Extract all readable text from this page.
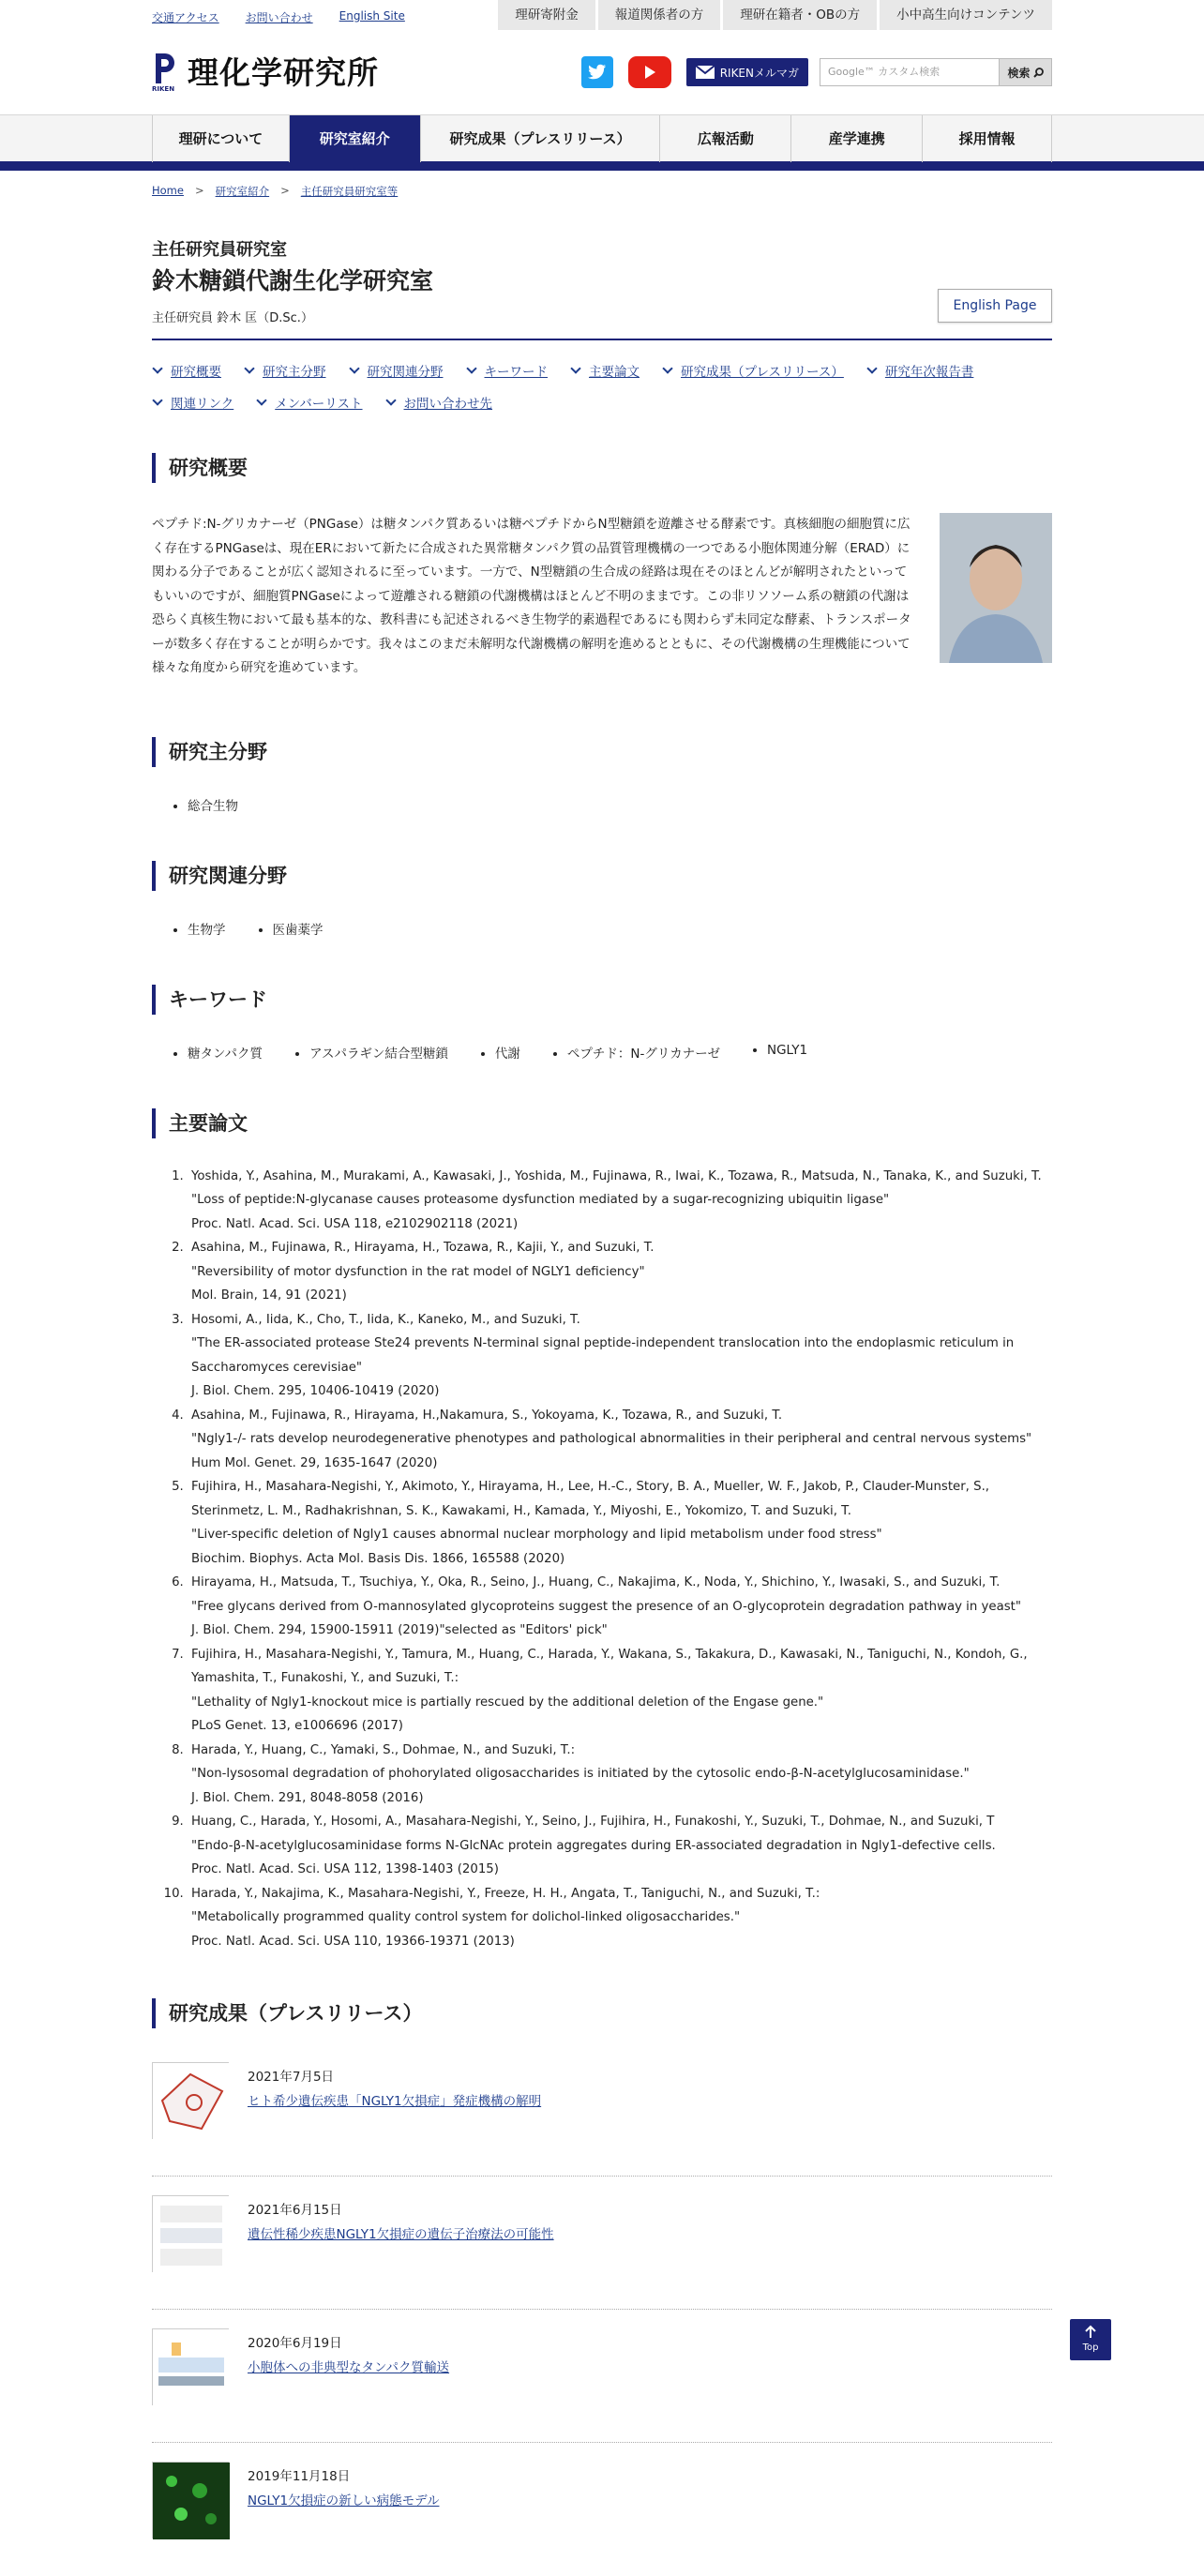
交通アクセス お問い合わせ English Site	理研寄附金	報道関係者の方	理研在籍者・OBの方	小中高生向けコンテンツ
RIKEN 理化学研究所	RIKENメルマガ	Google™ カスタム検索	検索
理研について	研究室紹介	研究成果（プレスリリース）	広報活動	産学連携	採用情報
Home > 研究室紹介 > 主任研究員研究室等
主任研究員研究室
鈴木糖鎖代謝生化学研究室
主任研究員 鈴木 匡（D.Sc.）
English Page
研究概要	研究主分野	研究関連分野	キーワード	主要論文	研究成果（プレスリリース）	研究年次報告書
関連リンク	メンバーリスト	お問い合わせ先
研究概要

ペプチド:N-グリカナーゼ（PNGase）は糖タンパク質あるいは糖ペプチドからN型糖鎖を遊離させる酵素です。真核細胞の細胞質に広く存在するPNGaseは、現在ERにおいて新たに合成された異常糖タンパク質の品質管理機構の一つである小胞体関連分解（ERAD）に関わる分子であることが広く認知されるに至っています。一方で、N型糖鎖の生合成の経路は現在そのほとんどが解明されたといってもいいのですが、細胞質PNGaseによって遊離される糖鎖の代謝機構はほとんど不明のままです。この非リソソーム系の糖鎖の代謝は恐らく真核生物において最も基本的な、教科書にも記述されるべき生物学的素過程であるにも関わらず未同定な酵素、トランスポーターが数多く存在することが明らかです。我々はこのまだ未解明な代謝機構の解明を進めるとともに、その代謝機構の生理機能について様々な角度から研究を進めています。

研究主分野
• 総合生物
研究関連分野
• 生物学	• 医歯薬学
キーワード
• 糖タンパク質	• アスパラギン結合型糖鎖	• 代謝	• ペプチド：N-グリカナーゼ	• NGLY1
主要論文
1. Yoshida, Y., Asahina, M., Murakami, A., Kawasaki, J., Yoshida, M., Fujinawa, R., Iwai, K., Tozawa, R., Matsuda, N., Tanaka, K., and Suzuki, T.
"Loss of peptide:N-glycanase causes proteasome dysfunction mediated by a sugar-recognizing ubiquitin ligase"
Proc. Natl. Acad. Sci. USA 118, e2102902118 (2021)
2. Asahina, M., Fujinawa, R., Hirayama, H., Tozawa, R., Kajii, Y., and Suzuki, T.
"Reversibility of motor dysfunction in the rat model of NGLY1 deficiency"
Mol. Brain, 14, 91 (2021)
3. Hosomi, A., Iida, K., Cho, T., Iida, K., Kaneko, M., and Suzuki, T.
"The ER-associated protease Ste24 prevents N-terminal signal peptide-independent translocation into the endoplasmic reticulum in Saccharomyces cerevisiae"
J. Biol. Chem. 295, 10406-10419 (2020)
4. Asahina, M., Fujinawa, R., Hirayama, H.,Nakamura, S., Yokoyama, K., Tozawa, R., and Suzuki, T.
"Ngly1-/- rats develop neurodegenerative phenotypes and pathological abnormalities in their peripheral and central nervous systems"
Hum Mol. Genet. 29, 1635-1647 (2020)
5. Fujihira, H., Masahara-Negishi, Y., Akimoto, Y., Hirayama, H., Lee, H.-C., Story, B. A., Mueller, W. F., Jakob, P., Clauder-Munster, S., Sterinmetz, L. M., Radhakrishnan, S. K., Kawakami, H., Kamada, Y., Miyoshi, E., Yokomizo, T. and Suzuki, T.
"Liver-specific deletion of Ngly1 causes abnormal nuclear morphology and lipid metabolism under food stress"
Biochim. Biophys. Acta Mol. Basis Dis. 1866, 165588 (2020)
6. Hirayama, H., Matsuda, T., Tsuchiya, Y., Oka, R., Seino, J., Huang, C., Nakajima, K., Noda, Y., Shichino, Y., Iwasaki, S., and Suzuki, T.
"Free glycans derived from O-mannosylated glycoproteins suggest the presence of an O-glycoprotein degradation pathway in yeast"
J. Biol. Chem. 294, 15900-15911 (2019)"selected as "Editors' pick"
7. Fujihira, H., Masahara-Negishi, Y., Tamura, M., Huang, C., Harada, Y., Wakana, S., Takakura, D., Kawasaki, N., Taniguchi, N., Kondoh, G., Yamashita, T., Funakoshi, Y., and Suzuki, T.:
"Lethality of Ngly1-knockout mice is partially rescued by the additional deletion of the Engase gene."
PLoS Genet. 13, e1006696 (2017)
8. Harada, Y., Huang, C., Yamaki, S., Dohmae, N., and Suzuki, T.:
"Non-lysosomal degradation of phohorylated oligosaccharides is initiated by the cytosolic endo-β-N-acetylglucosaminidase."
J. Biol. Chem. 291, 8048-8058 (2016)
9. Huang, C., Harada, Y., Hosomi, A., Masahara-Negishi, Y., Seino, J., Fujihira, H., Funakoshi, Y., Suzuki, T., Dohmae, N., and Suzuki, T
"Endo-β-N-acetylglucosaminidase forms N-GlcNAc protein aggregates during ER-associated degradation in Ngly1-defective cells.
Proc. Natl. Acad. Sci. USA 112, 1398-1403 (2015)
10. Harada, Y., Nakajima, K., Masahara-Negishi, Y., Freeze, H. H., Angata, T., Taniguchi, N., and Suzuki, T.:
"Metabolically programmed quality control system for dolichol-linked oligosaccharides."
Proc. Natl. Acad. Sci. USA 110, 19366-19371 (2013)
研究成果（プレスリリース）
2021年7月5日
ヒト希少遺伝疾患「NGLY1欠損症」発症機構の解明
2021年6月15日
遺伝性稀少疾患NGLY1欠損症の遺伝子治療法の可能性
2020年6月19日
小胞体への非典型なタンパク質輸送
2019年11月18日
NGLY1欠損症の新しい病態モデル
Top
